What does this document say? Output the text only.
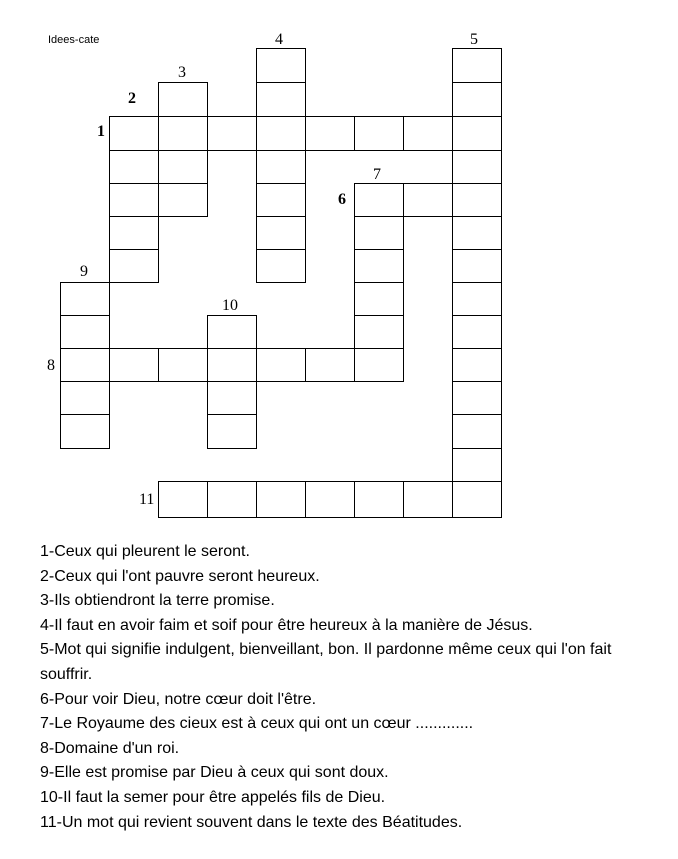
Idees-cate
1
2
3
4	5
6
7
8
9
10
11

1-Ceux qui pleurent le seront.

2-Ceux qui l'ont pauvre seront heureux.

3-Ils obtiendront la terre promise.

4-Il faut en avoir faim et soif pour être heureux à la manière de Jésus.

5-Mot qui signifie indulgent, bienveillant, bon. Il pardonne même ceux qui l'on fait souffrir.

6-Pour voir Dieu, notre cœur doit l'être.

7-Le Royaume des cieux est à ceux qui ont un cœur .............

8-Domaine d'un roi.

9-Elle est promise par Dieu à ceux qui sont doux.

10-Il faut la semer pour être appelés fils de Dieu.

11-Un mot qui revient souvent dans le texte des Béatitudes.
